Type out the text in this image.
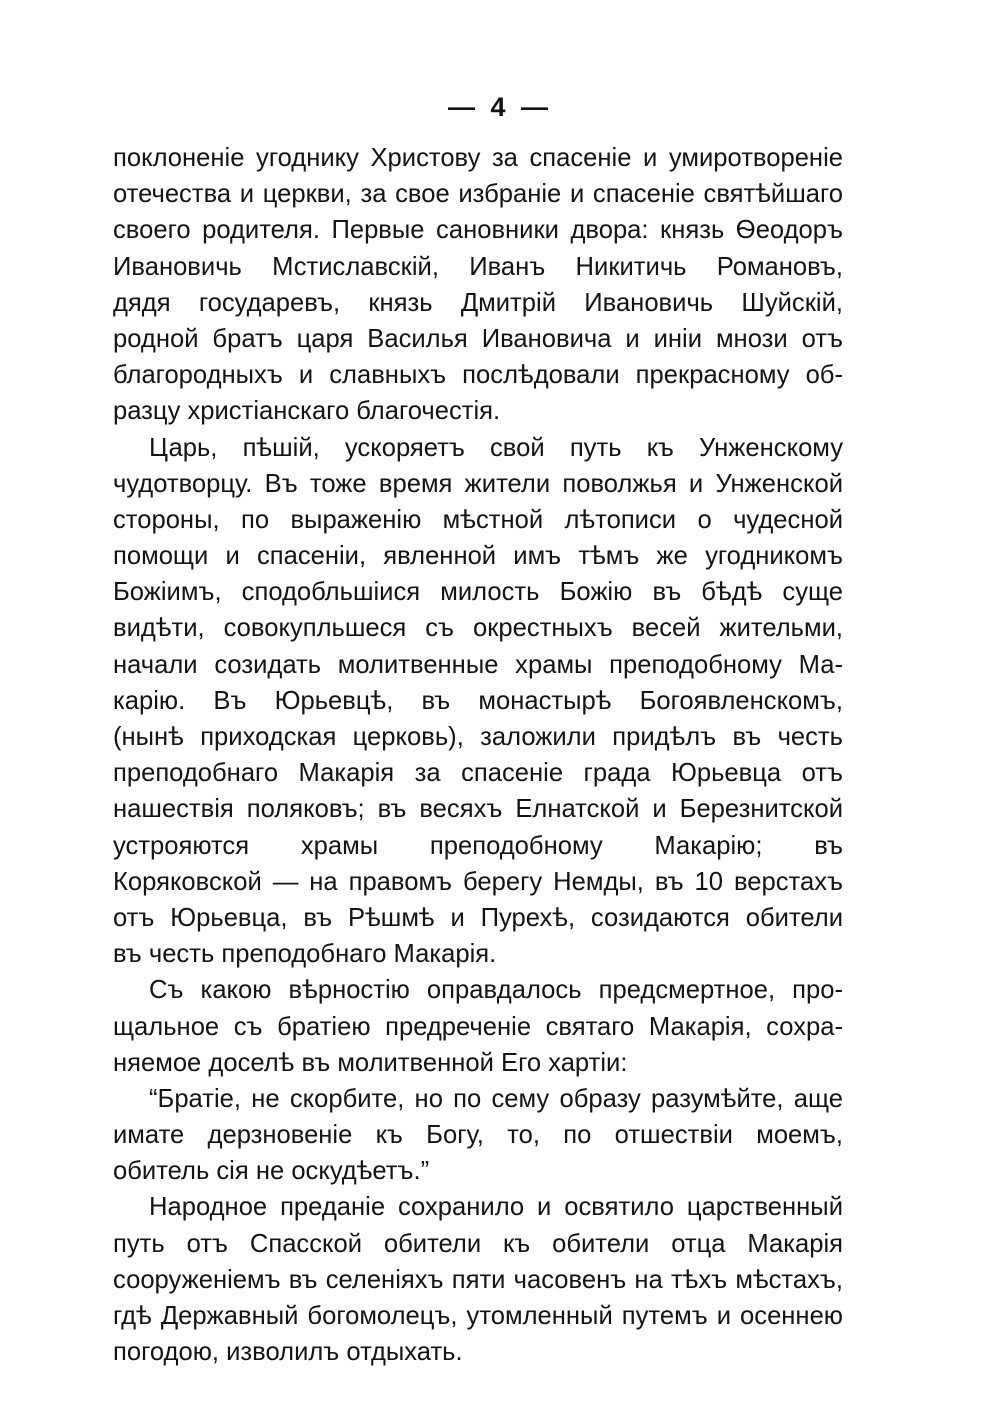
— 4 —
поклоненіе угоднику Христову за спасеніе и умиротвореніе
отечества и церкви, за свое избраніе и спасеніе святѣйшаго
своего родителя. Первые сановники двора: князь Ѳеодоръ
Ивановичь Мстиславскій, Иванъ Никитичь Романовъ,
дядя государевъ, князь Дмитрій Ивановичь Шуйскій,
родной братъ царя Василья Ивановича и иніи мнози отъ
благородныхъ и славныхъ послѣдовали прекрасному об-
разцу христіанскаго благочестія.
Царь, пѣшій, ускоряетъ свой путь къ Унженскому
чудотворцу. Въ тоже время жители поволжья и Унженской
стороны, по выраженію мѣстной лѣтописи о чудесной
помощи и спасеніи, явленной имъ тѣмъ же угодникомъ
Божіимъ, сподобльшіися милость Божію въ бѣдѣ суще
видѣти, совокупльшеся съ окрестныхъ весей жительми,
начали созидать молитвенные храмы преподобному Ма-
карію. Въ Юрьевцѣ, въ монастырѣ Богоявленскомъ,
(нынѣ приходская церковь), заложили придѣлъ въ честь
преподобнаго Макарія за спасеніе града Юрьевца отъ
нашествія поляковъ; въ весяхъ Елнатской и Березнитской
устрояются храмы преподобному Макарію; въ
Коряковской — на правомъ берегу Немды, въ 10 верстахъ
отъ Юрьевца, въ Рѣшмѣ и Пурехѣ, созидаются обители
въ честь преподобнаго Макарія.
Съ какою вѣрностію оправдалось предсмертное, про-
щальное съ братіею предреченіе святаго Макарія, сохра-
няемое доселѣ въ молитвенной Его хартіи:
“Братіе, не скорбите, но по сему образу разумѣйте, аще
имате дерзновеніе къ Богу, то, по отшествіи моемъ,
обитель сія не оскудѣетъ.”
Народное преданіе сохранило и освятило царственный
путь отъ Спасской обители къ обители отца Макарія
сооруженіемъ въ селеніяхъ пяти часовенъ на тѣхъ мѣстахъ,
гдѣ Державный богомолецъ, утомленный путемъ и осеннею
погодою, изволилъ отдыхать.
